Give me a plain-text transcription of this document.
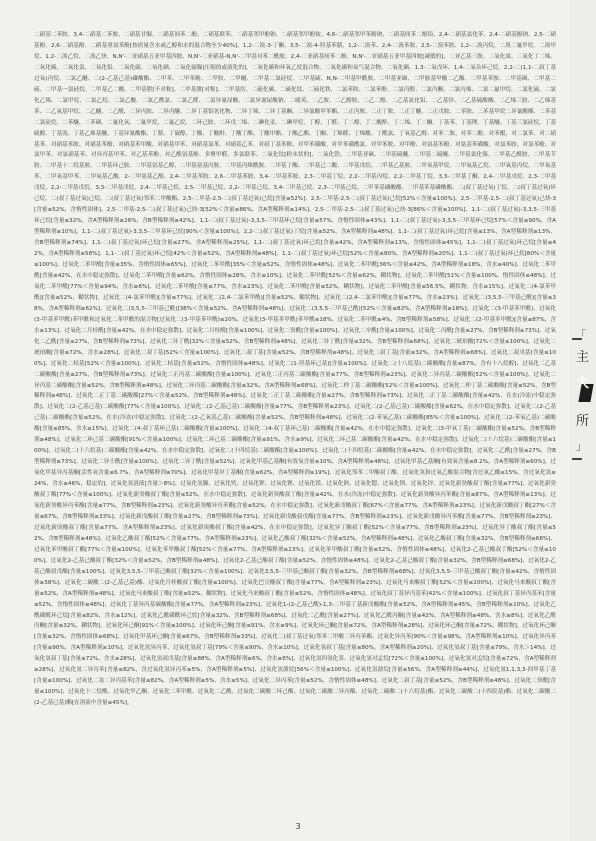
二硝基二苯胺、3,4-二硝基二苯胺、二硝基甘脲、二硝基间苯二酚、二硝基联苯、二硝基邻甲酚钠、二硝基邻甲酚铵、4,6-二硝基邻甲苯酚钠、二硝基间苯二酚铅、2,4-二硝基氯化苯、2,4-二硝基酚钠、2,5-二硝基酚、2,6-二硝基酚、二硝基重氮苯酚[按质量含水或乙醇和水的混合物至少40%]、1,2-二溴-3-丁酮、3,5-二溴-4-羟基苯腈、1,2-二溴苯、2,4-二溴苯胺、2,5-二溴苯胺、1,2-二溴丙烷、二溴二氟甲烷、二溴甲烷、1,2-二溴乙烷、二溴乙炔、N,N'-二亚硝基五亚甲基四胺、N,N'-二亚硝基-N,N'-二甲基对苯二酰胺、2,4-二亚硝基间苯二酚、N,N'-二亚硝基五亚甲基四胺[减敏的]、二亚乙基三胺、二氧化氮、二氧化丁二烯、二氧化碳、二氧化氯、二氧化铅、二氧化硫、二氧化硒、二氧化硫脲[压缩的或液化的]、二氧化碳和环氧乙烷混合物、二氧化碳和氧气混合物、二氧化硒、1,3-二氧戊环、1,4-二氧杂环己烷、2,2-二(1,1-二叔丁基过氧)丙烷、二氯乙醚、二(2-乙基己基)磷酸酯、二甲苯、二甲苯酚、二甲胺、二甲醚、二甲基二氯硅烷、二甲基硫、N,N-二甲基甲酰胺、二甲基亚砜、二甲胺基甲酸二乙酯、二甲基苯胺、二甲基砜、二甲基二硫、二甲基一氯硅烷、二甲基乙二酸、二甲基肼[不对称]、二甲基肼[对称]、二甲基肟、二硫化碳、二硫化钛、二硫化铁、二氯苯胺、二氯苯酚、二氯丙醇、二氯丙酮、二氯丙烯、二氯二氟甲烷、二氯化硫、二氯化乙烯、二氯甲烷、二氯乙烷、二氯乙酸、二氯乙酰氯、二氯乙醛、二氯异氰尿酸、二氯异氰尿酸钠、二噁英、二乙胺、二乙醇胺、二乙二醇、二乙基氯化铝、二乙基锌、二乙基硫酸酯、二乙烯三胺、二乙烯基苯、二乙氧基甲烷、二乙醚、二乙酰、二异丙胺、二异丙醚、二异丁基铝氢化物、二异丁烯、二异丁基酮、二异氰酸甲苯酯、二正丙胺、二正丁胺、二正丁醚、二正戊胺、二苯胺、二苯基甲烷二异氰酸酯、二苯基二氯硅烷、二苯醚、二苯砜、二氟化氧、二氟甲烷、二氟乙烷、二环己胺、二环戊二烯、二碘化汞、二碘甲烷、丁醇、丁醛、丁二醇、丁二酸酐、丁二烯、丁二酮、丁基苯、丁基锂、丁基醚、丁基三氯硅烷、丁基硫醇、丁基溴、丁基乙烯基醚、丁基异氰酸酯、丁腈、丁硫醇、丁酸、丁酸酐、丁酸丁酯、丁酸甲酯、丁酸乙酯、丁酮、丁烯醛、丁烯酸、丁酰氯、丁氧基乙醇、对苯二胺、对苯二酚、对苯醌、对二氯苯、对二硝基苯、对硝基苯胺、对硝基苯酚、对硝基苯甲酸、对硝基甲苯、对硝基氯苯、对硝基乙苯、对叔丁基苯酚、对甲苯磺酸、对甲苯磺酰氯、对甲苯胺、对甲酚、对氨基苯酚、对氨基苯磺酸、对氯苯胺、对氯苯酚、对氯甲苯、对氯硝基苯、对异丙基甲苯、对乙基苯酚、对乙酰氨基酚、多聚甲醛、多氯联苯、二氧化钛[粉末状的]、二氧化锆、二甲基亚砜、二甲基硫醚、二甲基二硫醚、二甲基氯化锡、二甲基乙酰胺、二甲基苄胺、二甲基十二烷基胺、二甲基环己胺、二甲基氨基乙醇、二甲基氨基丙胺、二甲基丙烯酰胺、二甲基丁酸、二甲基己二酸、二甲基戊烷、二甲基乙基胺、二甲氧基甲烷、二甲氧基乙烷、二甲氧基丙烷、二甲氧基苯、二甲氧基甲苯、二甲氧基乙酸、2-二甲氨基乙醇、2,4-二甲基苯胺、2,6-二甲基苯胺、3,4-二甲基苯胺、2,3-二甲基丁烷、2,2-二甲基丙烷、2,2-二甲基丁烷、3,3-二甲基丁酮、2,4-二甲基戊烷、2,3-二甲基戊烷、2,2-二甲基戊烷、3,3-二甲基戊烷、2,4-二甲基己烷、2,5-二甲基己烷、2,2-二甲基己烷、3,4-二甲基己烷、2,3-二甲基己烷、二甲苯基磷酸酯、二甲基苯基磷酸酯、二(叔丁基过氧)丁烷、二(叔丁基过氧)环己烷、二(叔丁基过氧)己烷、二(叔丁基过氧)邻苯二甲酸酯、2,5-二甲基-2,5-二(叔丁基过氧)己烷[含量≤52%]、2,5-二甲基-2,5-二(叔丁基过氧)己烷[52%＜含量≤100%]、2,5-二甲基-2,5-二(叔丁基过氧)己炔-3[含量≤52%，含惰性固体]、2,5-二甲基-2,5-二(叔丁基过氧)己炔-3[52%＜含量≤86%，含A型稀释剂≥14%]、2,5-二甲基-2,5-二(叔丁基过氧)己炔-3[86%＜含量≤100%]、1,1-二(叔丁基过氧)-3,3,5-三甲基环己烷[含量≤32%，含A型稀释剂≥26%，含B型稀释剂≥42%]、1,1-二(叔丁基过氧)-3,3,5-三甲基环己烷[含量≤57%，含惰性固体≥43%]、1,1-二(叔丁基过氧)-3,3,5-三甲基环己烷[57%＜含量≤90%，含A型稀释剂≥10%]、1,1-二(叔丁基过氧)-3,3,5-三甲基环己烷[90%＜含量≤100%]、2,2-二(叔丁基过氧)丁烷[含量≤52%，含A型稀释剂≥48%]、1,1-二(叔丁基过氧)环己烷[含量≤13%，含A型稀释剂≥13%，含B型稀释剂≥74%]、1,1-二(叔丁基过氧)环己烷[含量≤27%，含A型稀释剂≥25%]、1,1-二(叔丁基过氧)环己烷[含量≤42%，含A型稀释剂≥13%，含惰性固体≥45%]、1,1-二(叔丁基过氧)环己烷[含量≤42%，含A型稀释剂≥58%]、1,1-二(叔丁基过氧)环己烷[42%＜含量≤52%，含A型稀释剂≥48%]、1,1-二(叔丁基过氧)环己烷[52%＜含量≤80%，含A型稀释剂≥20%]、1,1-二(叔丁基过氧)环己烷[80%＜含量≤100%]、过氧化二苯甲酰[含量≤35%，含惰性固体≥65%]、过氧化二苯甲酰[35%＜含量≤52%，含惰性固体≥48%]、过氧化二苯甲酰[36%＜含量≤42%，含A型稀释剂≥18%，含水≤40%]、过氧化二苯甲酰[含量≤42%，在水中稳定弥散]、过氧化二苯甲酰[含量≤62%，含惰性固体≥28%，含水≥10%]、过氧化二苯甲酰[52%＜含量≤62%，糊状物]、过氧化二苯甲酰[51%＜含量≤100%，惰性固体≤48%]、过氧化二苯甲酰[77%＜含量≤94%，含水≥6%]、过氧化二苯甲酰[含量≤77%，含水≥23%]、过氧化二苯甲酰[含量≤52%，糊状物]、过氧化二苯甲酰[含量≤56.5%，糊状物，含水≥15%]、过氧化二(4-氯苯甲酰)[含量≤52%，糊状物]、过氧化二(4-氯苯甲酰)[含量≤77%]、过氧化二(2,4-二氯苯甲酰)[含量≤52%，糊状物]、过氧化二(2,4-二氯苯甲酰)[含量≤77%，含水≥23%]、过氧化二(3,5,5-三甲基己酰)[含量≤38%，含A型稀释剂≥62%]、过氧化二(3,5,5-三甲基己酰)[38%＜含量≤52%，含A型稀释剂≥48%]、过氧化二(3,5,5-三甲基己酰)[52%＜含量≤82%，含A型稀释剂≥18%]、过氧化二(3-甲基苯甲酰)、过氧化(3-甲基苯甲酰)苯甲酰和过氧化二苯甲酰的混合物[过氧化二(3-甲基苯甲酰)≤20%，过氧化(3-甲基苯甲酰)苯甲酰≤18%，过氧化二苯甲酰≤4%，含B型稀释剂≥58%]、过氧化二(2-甲基苯甲酰)[含量≤87%，含水≥13%]、过氧化二月桂酰[含量≤42%，在水中稳定弥散]、过氧化二月桂酰[含量≤100%]、过氧化二癸酰[含量≤100%]、过氧化二辛酰[含量≤100%]、过氧化二丙酰[含量≤27%，含B型稀释剂≥73%]、过氧化二乙酰[含量≤27%，含B型稀释剂≥73%]、过氧化二异丁酰[32%＜含量≤52%，含B型稀释剂≥48%]、过氧化二异丁酰[含量≤32%，含B型稀释剂≥68%]、过氧化二琥珀酸[72%＜含量≤100%]、过氧化二琥珀酸[含量≤72%，含水≥28%]、过氧化二叔丁基[52%＜含量≤100%]、过氧化二叔丁基[含量≤52%，含B型稀释剂≥48%]、过氧化二叔丁基[含量≤32%，含A型稀释剂≥68%]、过氧化二叔戊基[含量≤100%]、过氧化二枯基[52%＜含量≤100%]、过氧化二枯基[含量≤52%，含惰性固体≥48%]、过氧化二(1-羟基环己基)[含量≤100%]、过氧化二(十八烷基)二碳酸酯[含量≤87%，含有十八烷醇]、过氧化二乙基二碳酸酯[含量≤27%，含B型稀释剂≥73%]、过氧化二正丙基二碳酸酯[含量≤100%]、过氧化二正丙基二碳酸酯[含量≤77%，含B型稀释剂≥23%]、过氧化二异丙基二碳酸酯[52%＜含量≤100%]、过氧化二异丙基二碳酸酯[含量≤52%，含B型稀释剂≥48%]、过氧化二异丙基二碳酸酯[含量≤32%，含A型稀释剂≥68%]、过氧化二仲丁基二碳酸酯[52%＜含量≤100%]、过氧化二仲丁基二碳酸酯[含量≤52%，含B型稀释剂≥48%]、过氧化二正丁基二碳酸酯[27%＜含量≤52%，含B型稀释剂≥48%]、过氧化二正丁基二碳酸酯[含量≤27%，含B型稀释剂≥73%]、过氧化二正丁基二碳酸酯[含量≤42%，在水(冷冻)中稳定弥散]、过氧化二(2-乙基己基)二碳酸酯[77%＜含量≤100%]、过氧化二(2-乙基己基)二碳酸酯[含量≤77%，含B型稀释剂≥23%]、过氧化二(2-乙基己基)二碳酸酯[含量≤62%，在水中稳定弥散]、过氧化二(2-乙基己基)二碳酸酯[含量≤52%，在水(冷冻)中稳定弥散]、过氧化二(2-乙氧基乙基)二碳酸酯[含量≤52%，含B型稀释剂≥48%]、过氧化二(2-苯氧乙基)二碳酸酯[85%＜含量≤100%]、过氧化二(2-苯氧乙基)二碳酸酯[含量≤85%，含水≥15%]、过氧化二(4-叔丁基环己基)二碳酸酯[含量≤100%]、过氧化二(4-叔丁基环己基)二碳酸酯[含量≤42%，在水中稳定弥散]、过氧化二(3-甲氧丁基)二碳酸酯[含量≤52%，含B型稀释剂≥48%]、过氧化二环己基二碳酸酯[91%＜含量≤100%]、过氧化二环己基二碳酸酯[含量≤91%，含水≥9%]、过氧化二环己基二碳酸酯[含量≤42%，在水中稳定弥散]、过氧化二(十六烷基)二碳酸酯[含量≤100%]、过氧化二(十六烷基)二碳酸酯[含量≤42%，在水中稳定弥散]、过氧化二(十四烷基)二碳酸酯[含量≤100%]、过氧化二(十四烷基)二碳酸酯[含量≤42%，在水中稳定弥散]、过氧化二乙酰[含量≤27%，含B型稀释剂≥73%]、过氧化二异壬酰[含量≤100%]、过氧化二异丁酰[含量≤52%]、过氧化甲基乙基酮[有效氧含量≤10%，含A型稀释剂≥48%]、过氧化甲基乙基酮[有效氧含量≤8.2%，含A型稀释剂≥60%]、过氧化甲基异丙基酮[活性氧含量≤6.7%，含A型稀释剂≥70%]、过氧化甲基异丁基酮[含量≤62%，含A型稀释剂≥19%]、过氧化邻苯二甲酸叔丁酯、过氧化氢和过氧乙酸混合物[含过氧乙酸≤15%，含过氧化氢≤24%，含水≥46%，稳定的]、过氧化氢溶液[含量＞8%]、过氧化氢脲、过氧化钙、过氧化钾、过氧化锂、过氧化镁、过氧化钠、过氧化锶、过氧化钡、过氧化锌、过氧化新癸酸叔丁酯[含量≤77%]、过氧化新癸酸叔丁酯[77%＜含量≤100%]、过氧化新癸酸叔丁酯[含量≤52%，在水中稳定弥散]、过氧化新癸酸叔丁酯[含量≤42%，在水(冷冻)中稳定弥散]、过氧化新癸酸异丙苯酯[含量≤87%，含A型稀释剂≥13%]、过氧化新癸酸异丙苯酯[含量≤77%，含B型稀释剂≥23%]、过氧化新癸酸异丙苯酯[含量≤52%，在水中稳定弥散]、过氧化新戊酸叔丁酯[67%＜含量≤77%，含A型稀释剂≥23%]、过氧化新戊酸叔丁酯[27%＜含量≤67%，含B型稀释剂≥33%]、过氧化新戊酸叔丁酯[含量≤27%，含B型稀释剂≥73%]、过氧化新戊酸叔戊酯[含量≤77%，含B型稀释剂≥23%]、过氧化新戊酸异丙苯酯[含量≤77%，含B型稀释剂≥23%]、过氧化新庚酸叔丁酯[含量≤77%，含A型稀释剂≥23%]、过氧化新庚酸叔丁酯[含量≤42%，在水中稳定弥散]、过氧化异丁酸叔丁酯[52%＜含量≤77%，含B型稀释剂≥23%]、过氧化异丁酸叔丁酯[含量≤52%，含B型稀释剂≥48%]、过氧化乙酸叔丁酯[52%＜含量≤77%，含A型稀释剂≥23%]、过氧化乙酸叔丁酯[32%＜含量≤52%，含A型稀释剂≥48%]、过氧化乙酸叔丁酯[含量≤32%，含B型稀释剂≥68%]、过氧化苯甲酸叔丁酯[77%＜含量≤100%]、过氧化苯甲酸叔丁酯[52%＜含量≤77%，含A型稀释剂≥23%]、过氧化苯甲酸叔丁酯[含量≤52%，含惰性固体≥48%]、过氧化2-乙基己酸叔丁酯[52%＜含量≤100%]、过氧化2-乙基己酸叔丁酯[32%＜含量≤52%，含B型稀释剂≥48%]、过氧化2-乙基己酸叔丁酯[含量≤52%，含惰性固体≥48%]、过氧化2-乙基己酸叔丁酯[含量≤32%，含B型稀释剂≥68%]、过氧化2-乙基己酸叔戊酯[含量≤100%]、过氧化3,5,5-三甲基己酸叔丁酯[32%＜含量≤100%]、过氧化3,5,5-三甲基己酸叔丁酯[含量≤32%，含B型稀释剂≥68%]、过氧化3,5,5-三甲基己酸叔丁酯[含量≤42%，含惰性固体≥58%]、过氧化二碳酸二(2-乙基己基)酯、过氧化月桂酸叔丁酯[含量≤100%]、过氧化巴豆酸叔丁酯[含量≤77%，含A型稀释剂≥23%]、过氧化马来酸叔丁酯[52%＜含量≤100%]、过氧化马来酸叔丁酯[含量≤52%，含A型稀释剂≥48%]、过氧化马来酸叔丁酯[含量≤52%，糊状物]、过氧化马来酸叔丁酯[含量≤52%，含惰性固体≥48%]、过氧化叔丁基异丙基苯[42%＜含量≤100%]、过氧化叔丁基异丙基苯[含量≤52%，含惰性固体≥48%]、过氧化丁基异丙基碳酸酯[含量≤77%，含A型稀释剂≥23%]、过氧化1-(2-乙基己酰)-1,3-二甲基丁基新戊酸酯[含量≤52%，含A型稀释剂≥45%，含B型稀释剂≥10%]、过氧化乙酰磺酰环己烷[含量≤82%，含水≥12%]、过氧化乙酰磺酰环己烷[含量≤32%，含B型稀释剂≥68%]、过氧化二乙酰[含量≤27%]、过氧化乙酰丙酮[含量≤42%，含A型稀释剂≥48%，含水≥8%]、过氧化乙酰丙酮[含量≤32%，糊状物]、过氧化环己酮[91%＜含量≤100%]、过氧化环己酮[含量≤91%，含水≥9%]、过氧化环己酮[含量≤72%，含A型稀释剂≥28%]、过氧化环己酮[含量≤72%，糊状物]、过氧化环己酮[含量≤32%，含惰性固体≥68%]、过氧化甲基环己酮[含量≤67%，含B型稀释剂≥33%]、过氧化二(叔丁基过氧)邻苯二甲酸二异丙苯酯、过氧化异丙苯[90%＜含量≤98%，含A型稀释剂≤10%]、过氧化异丙苯[含量≤90%，含A型稀释剂≥10%]、过氧化氢异丙苯、过氧化氢叔丁基[79%＜含量≤90%，含水≥10%]、过氧化氢叔丁基[含量≤80%，含A型稀释剂≥20%]、过氧化氢叔丁基[含量≤79%，含水＞14%]、过氧化氢叔丁基[含量≤72%，含水≥28%]、过氧化氢叔戊基[含量≤88%，含A型稀释剂≥6%，含水≥6%]、过氧化氢四氢化萘、过氧化氢对孟烷[72%＜含量≤100%]、过氧化氢对孟烷[含量≤72%，含A型稀释剂≥28%]、过氧化氢二异丙苯[含量≤82%，含过氧化氢异丙苯≥5%，含A型稀释剂≥5%]、过氧化氢蒎烷[56%＜含量≤100%]、过氧化氢蒎烷[含量≤56%，含A型稀释剂≥44%]、过氧化氢1,1,3,3-四甲基丁基[含量≤100%]、过氧化二氢二异丙基苯[含量≤82%，含A型稀释剂≥5%，含水≥5%]、过氧化二异丙苯[含量≤52%，含惰性固体≥48%]、过氧化二叔丁基[含量≤52%，含B型稀释剂≥48%]、过氧化二癸酰[含量≤100%]、过氧化十二烷酰、过氧化甲乙酮、过氧化二苯甲酰、过氧化二乙酰、过氧化二碳酸二环己酯、过氧化二碳酸二异丙酯、过氧化二碳酸二(十六烷基)酯、过氧化二碳酸二(十四烷基)酯、过氧化二碳酸二(2-乙基己基)酯[在溶液中含量≤45%]。
3
主
大
所
」
「
